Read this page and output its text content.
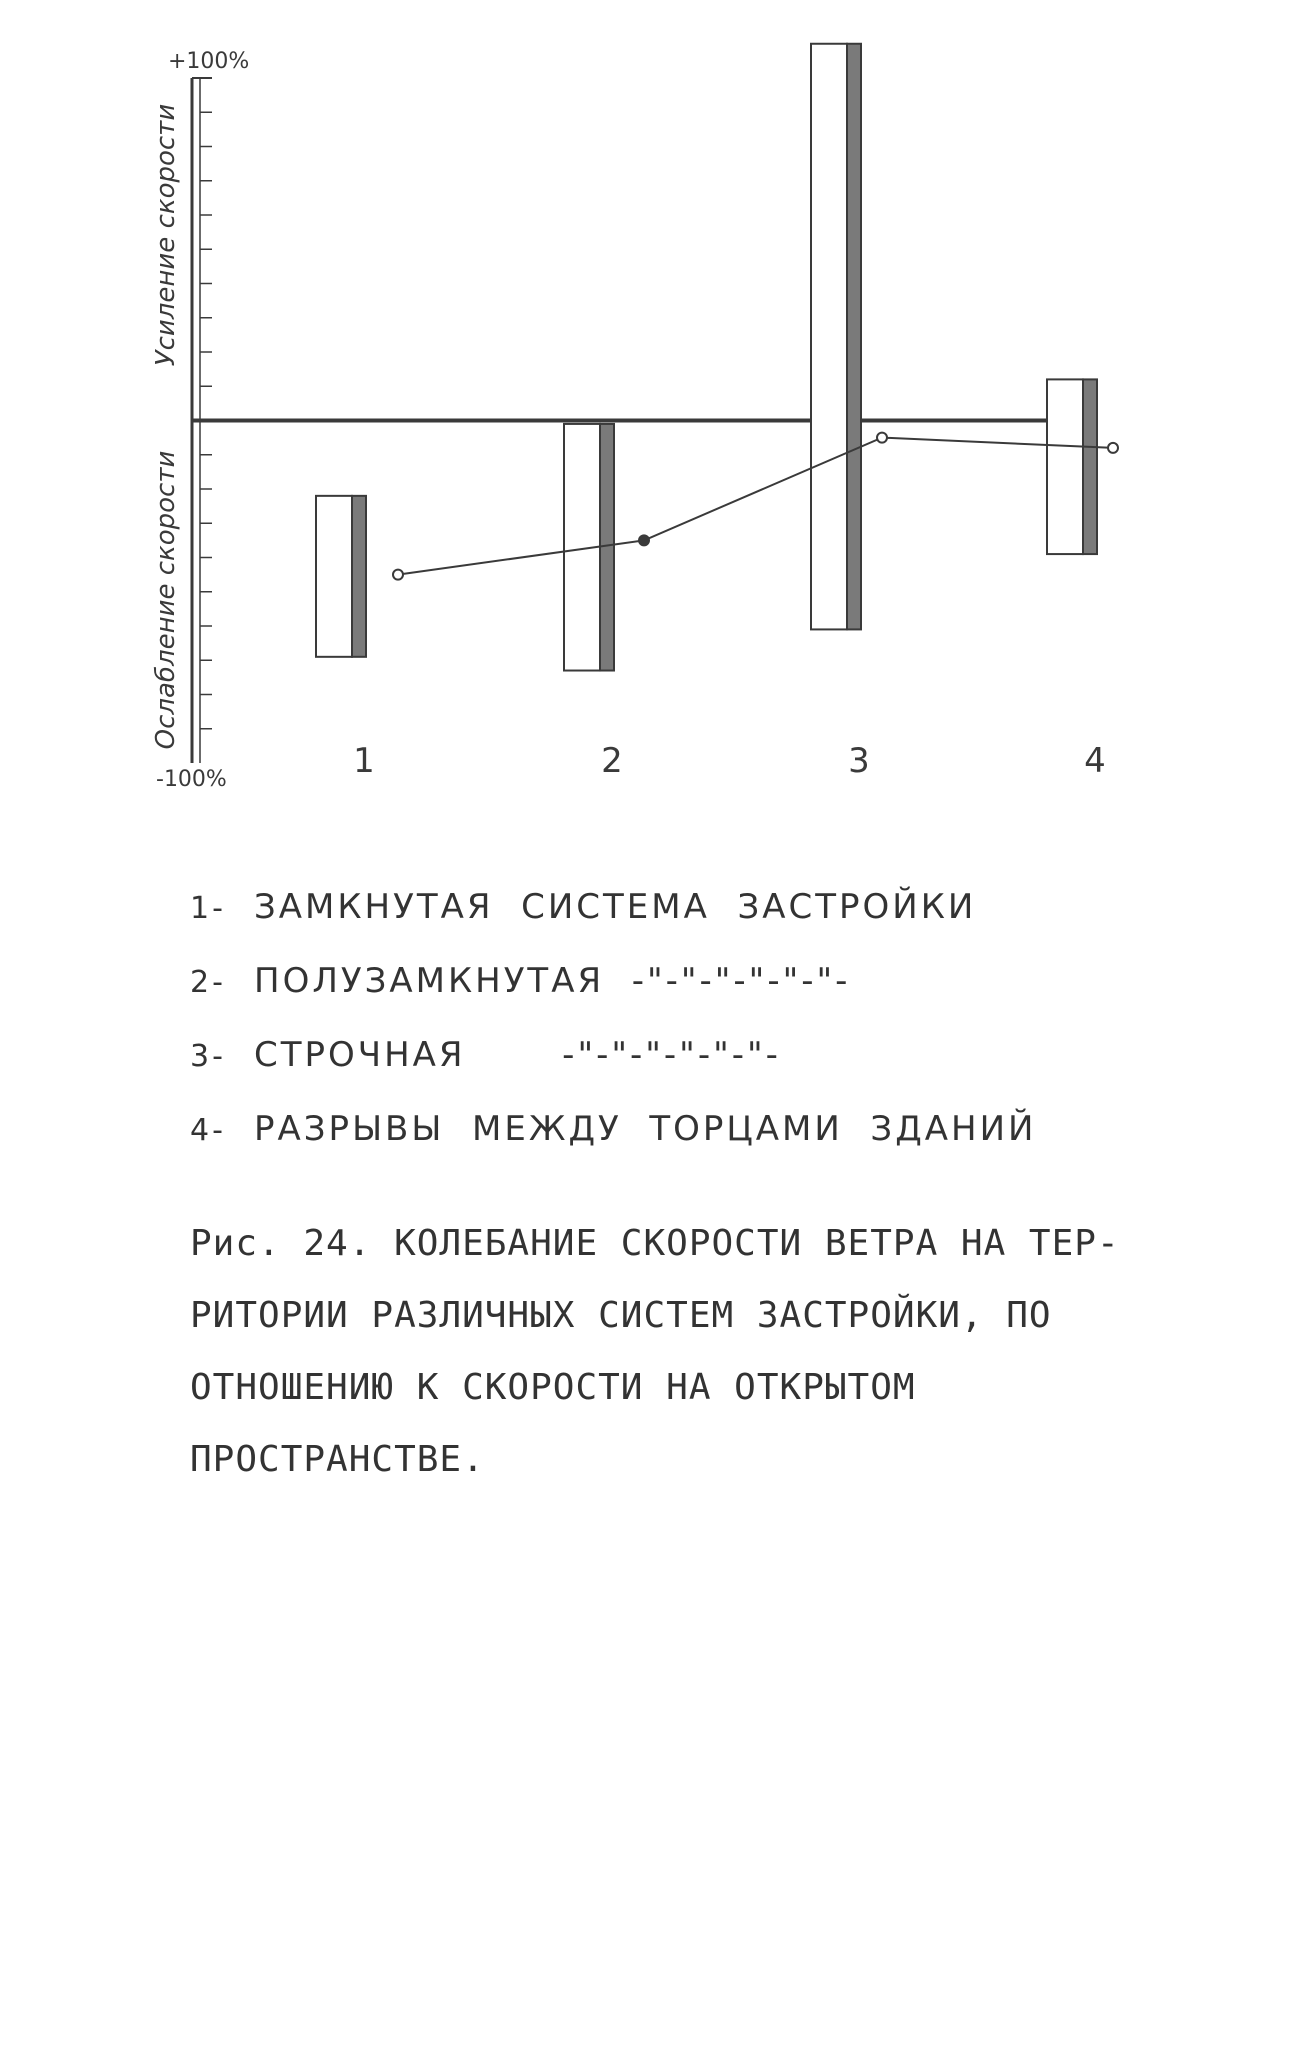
1	2	3	4
+100%
-100%
Усиление скорости
Ослабление скорости
1- ЗАМКНУТАЯ  СИСТЕМА  ЗАСТРОЙКИ
2- ПОЛУЗАМКНУТАЯ  -"-"-"-"-"-"-
3- СТРОЧНАЯ       -"-"-"-"-"-"-
4- РАЗРЫВЫ  МЕЖДУ  ТОРЦАМИ  ЗДАНИЙ
Рис. 24. КОЛЕБАНИЕ СКОРОСТИ ВЕТРА НА ТЕР-
РИТОРИИ РАЗЛИЧНЫХ СИСТЕМ ЗАСТРОЙКИ, ПО
ОТНОШЕНИЮ К СКОРОСТИ НА ОТКРЫТОМ ПРОСТРАНСТВЕ.
